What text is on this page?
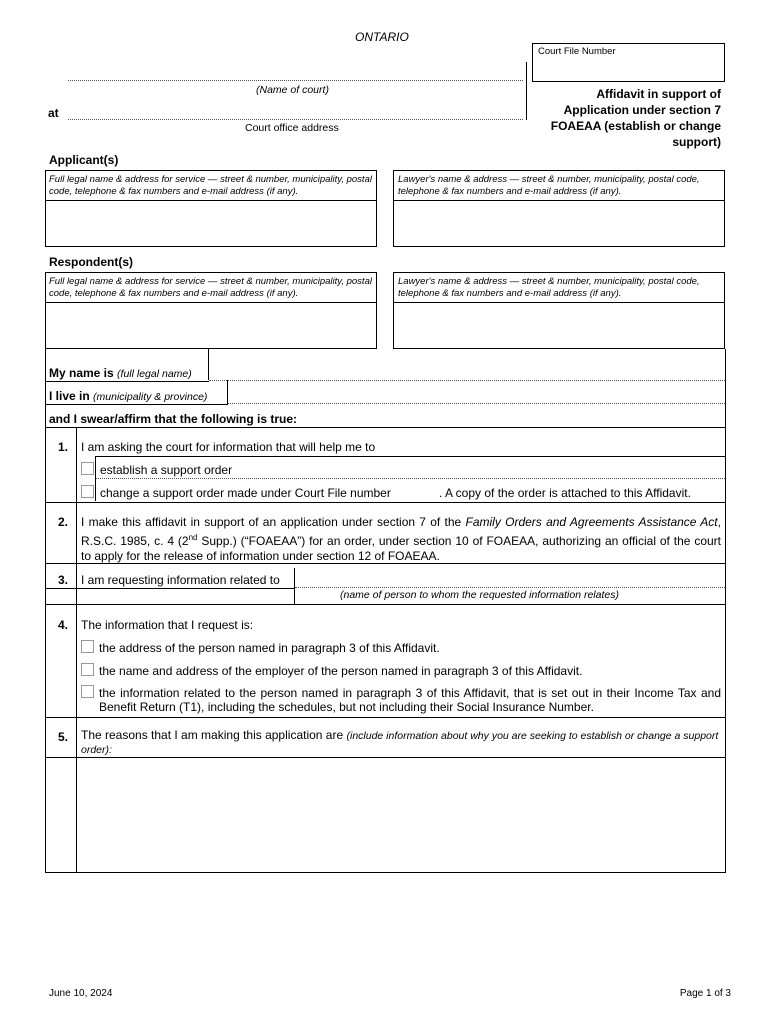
ONTARIO
Court File Number
(Name of court)
at
Court office address
Affidavit in support of
Application under section 7
FOAEAA (establish or change
support)
Applicant(s)
Full legal name & address for service — street & number, municipality, postal code, telephone & fax numbers and e-mail address (if any).
Lawyer's name & address — street & number, municipality, postal code, telephone & fax numbers and e-mail address (if any).
Respondent(s)
Full legal name & address for service — street & number, municipality, postal code, telephone & fax numbers and e-mail address (if any).
Lawyer's name & address — street & number, municipality, postal code, telephone & fax numbers and e-mail address (if any).
My name is (full legal name)
I live in (municipality & province)
and I swear/affirm that the following is true:
1. I am asking the court for information that will help me to
establish a support order
change a support order made under Court File number	. A copy of the order is attached to this Affidavit.
2. I make this affidavit in support of an application under section 7 of the Family Orders and Agreements Assistance Act, R.S.C. 1985, c. 4 (2nd Supp.) (“FOAEAA”) for an order, under section 10 of FOAEAA, authorizing an official of the court to apply for the release of information under section 12 of FOAEAA.
3. I am requesting information related to
(name of person to whom the requested information relates)
4. The information that I request is:
the address of the person named in paragraph 3 of this Affidavit.
the name and address of the employer of the person named in paragraph 3 of this Affidavit.
the information related to the person named in paragraph 3 of this Affidavit, that is set out in their Income Tax and Benefit Return (T1), including the schedules, but not including their Social Insurance Number.
5. The reasons that I am making this application are (include information about why you are seeking to establish or change a support order):
June 10, 2024	Page 1 of 3
